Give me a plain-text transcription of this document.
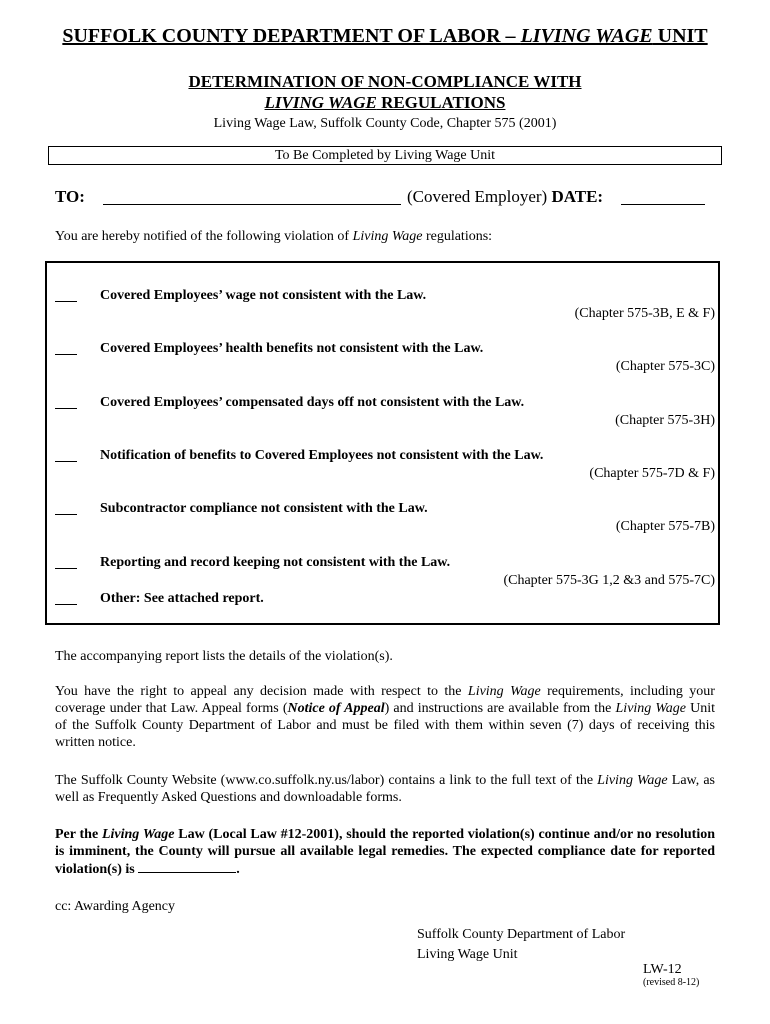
SUFFOLK COUNTY DEPARTMENT OF LABOR – LIVING WAGE UNIT
DETERMINATION OF NON-COMPLIANCE WITH
LIVING WAGE REGULATIONS
Living Wage Law, Suffolk County Code, Chapter 575 (2001)
To Be Completed by Living Wage Unit
TO:	(Covered Employer) DATE:
You are hereby notified of the following violation of Living Wage regulations:
Covered Employees’ wage not consistent with the Law.
(Chapter 575-3B, E & F)
Covered Employees’ health benefits not consistent with the Law.
(Chapter 575-3C)
Covered Employees’ compensated days off not consistent with the Law.
(Chapter 575-3H)
Notification of benefits to Covered Employees not consistent with the Law.
(Chapter 575-7D & F)
Subcontractor compliance not consistent with the Law.
(Chapter 575-7B)
Reporting and record keeping not consistent with the Law.
(Chapter 575-3G 1,2 &3 and 575-7C)
Other: See attached report.
The accompanying report lists the details of the violation(s).
You have the right to appeal any decision made with respect to the Living Wage requirements, including your coverage under that Law. Appeal forms (Notice of Appeal) and instructions are available from the Living Wage Unit of the Suffolk County Department of Labor and must be filed with them within seven (7) days of receiving this written notice.
The Suffolk County Website (www.co.suffolk.ny.us/labor) contains a link to the full text of the Living Wage Law, as well as Frequently Asked Questions and downloadable forms.
Per the Living Wage Law (Local Law #12-2001), should the reported violation(s) continue and/or no resolution is imminent, the County will pursue all available legal remedies. The expected compliance date for reported violation(s) is	.
cc: Awarding Agency
Suffolk County Department of Labor
Living Wage Unit
LW-12
(revised 8-12)
